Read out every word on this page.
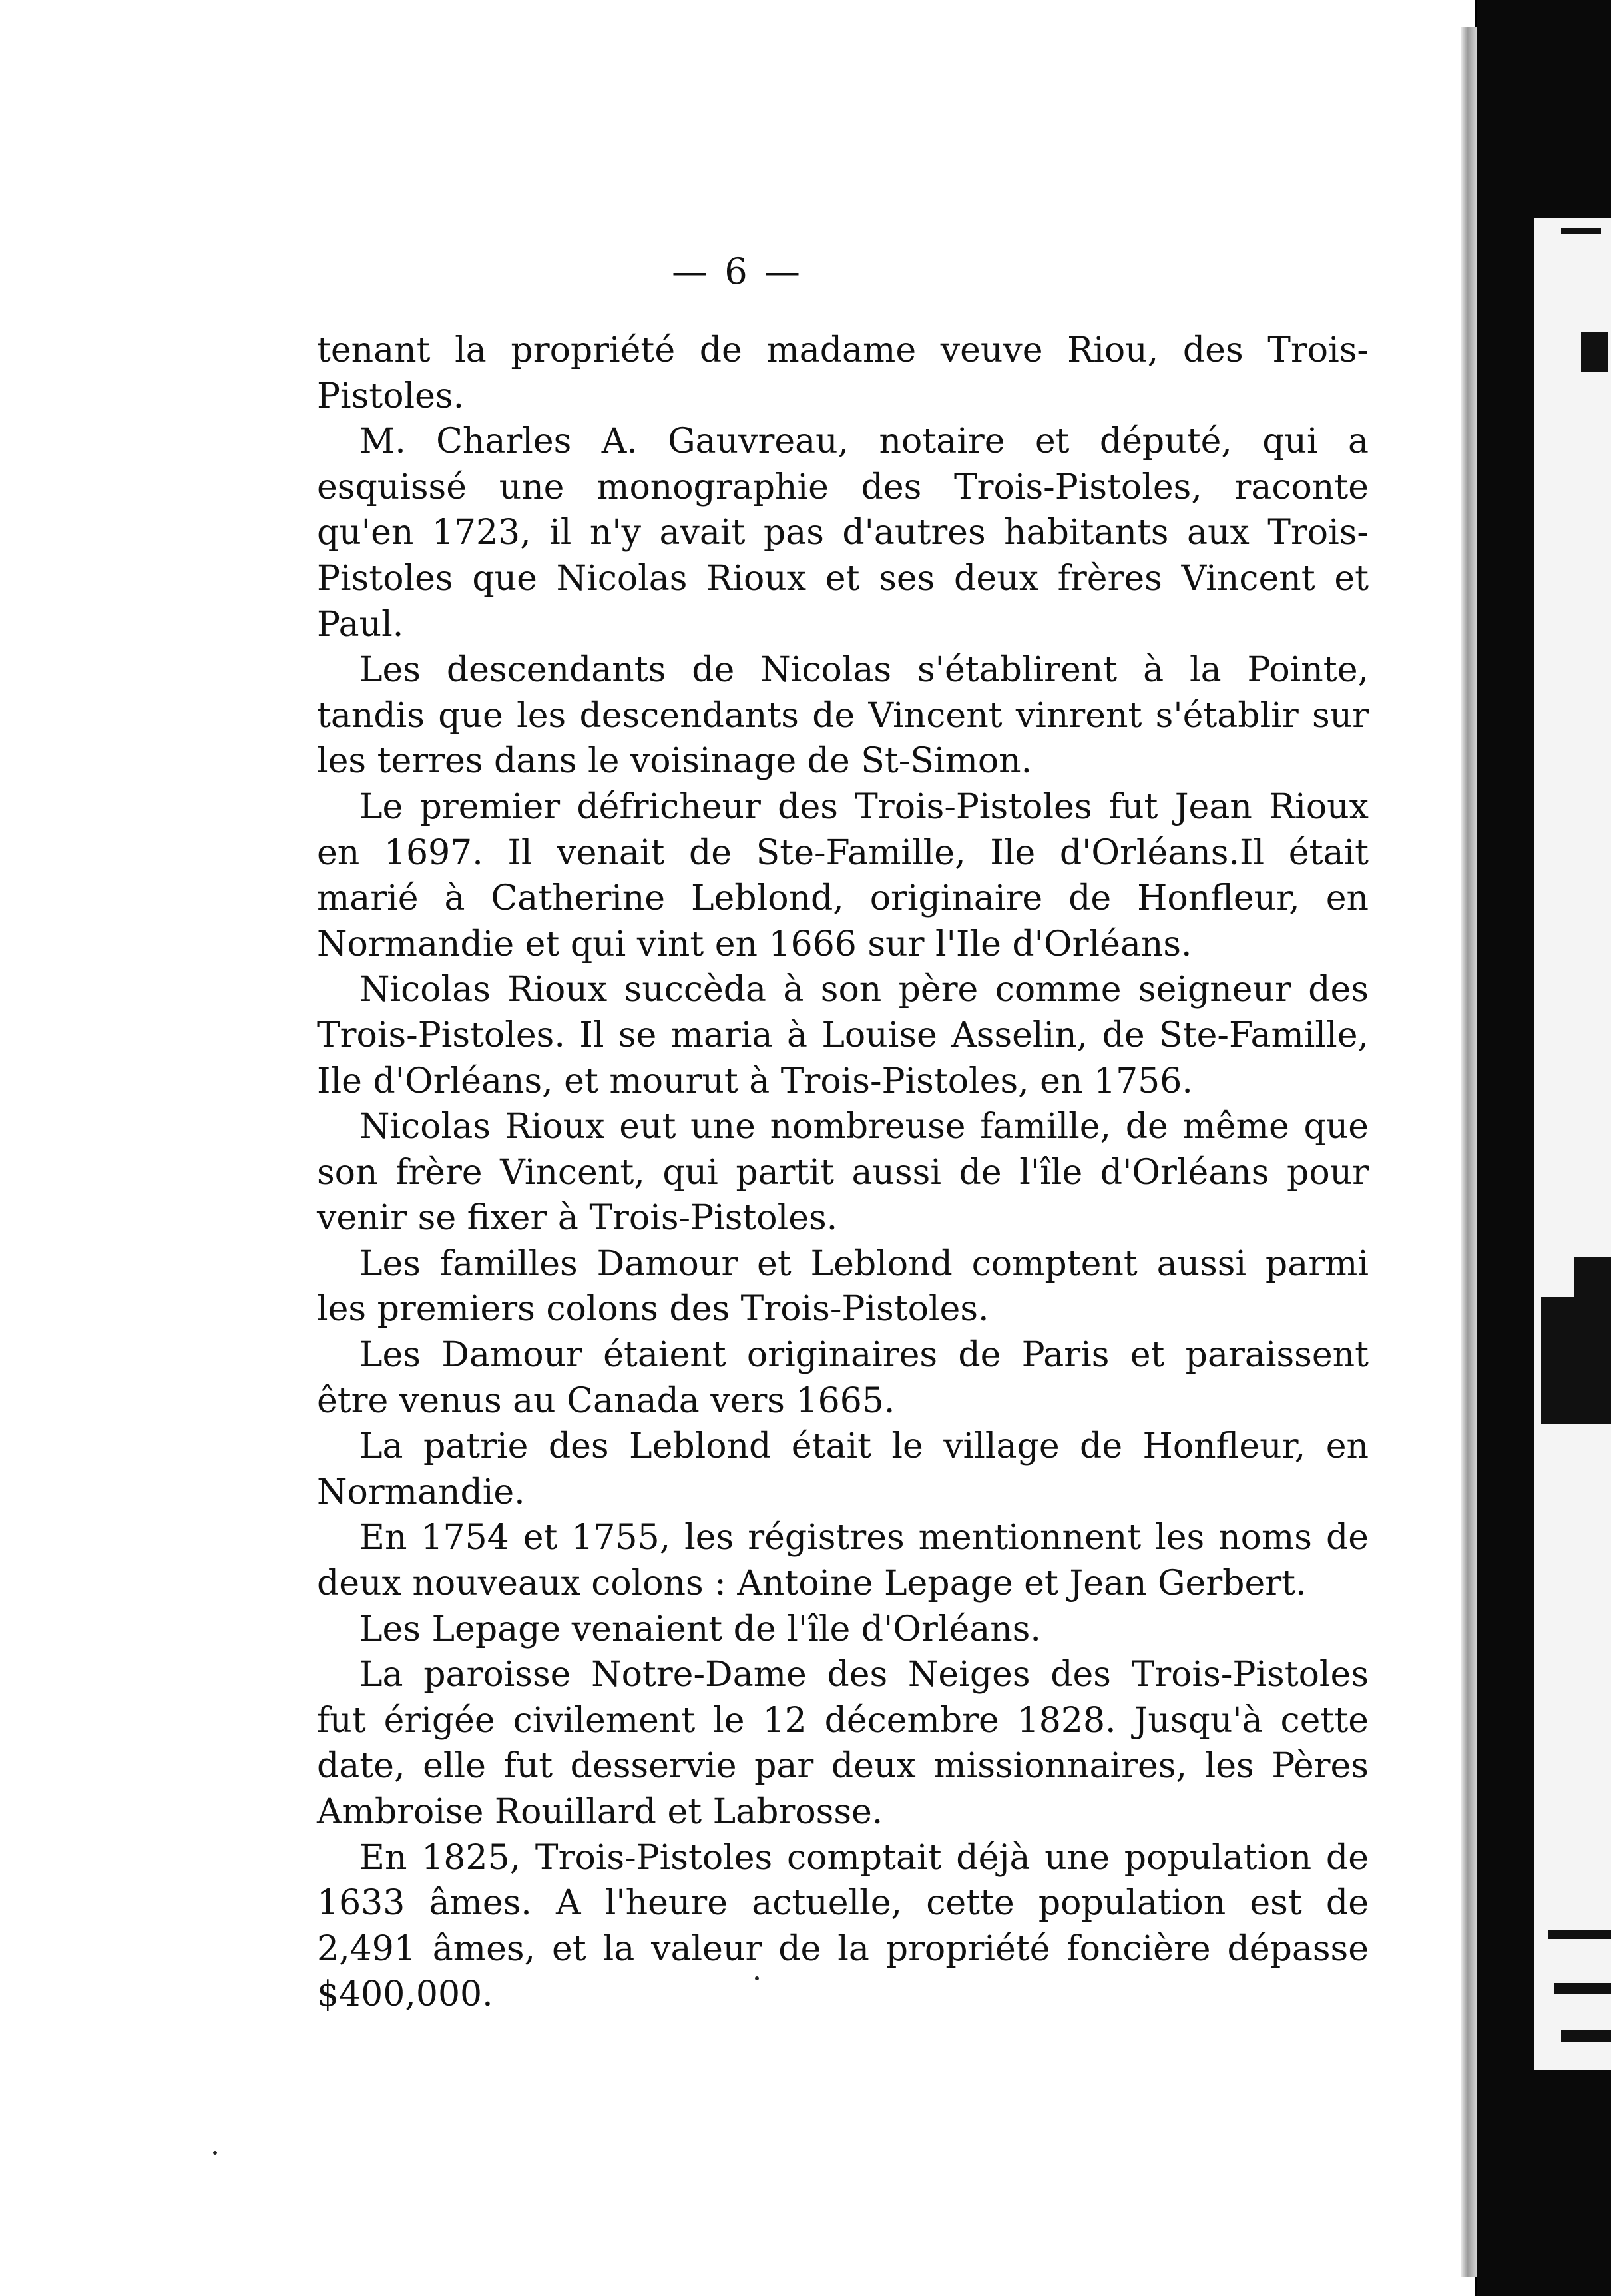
— 6 —

tenant la propriété de madame veuve Riou, des Trois-Pistoles.

M. Charles A. Gauvreau, notaire et député, qui a esquissé une monographie des Trois-Pistoles, raconte qu'en 1723, il n'y avait pas d'autres habitants aux Trois-Pistoles que Nicolas Rioux et ses deux frères Vincent et Paul.

Les descendants de Nicolas s'établirent à la Pointe, tandis que les descendants de Vincent vinrent s'établir sur les terres dans le voisinage de St-Simon.

Le premier défricheur des Trois-Pistoles fut Jean Rioux en 1697. Il venait de Ste-Famille, Ile d'Orléans.Il était marié à Catherine Leblond, originaire de Honfleur, en Normandie et qui vint en 1666 sur l'Ile d'Orléans.

Nicolas Rioux succèda à son père comme seigneur des Trois-Pistoles. Il se maria à Louise Asselin, de Ste-Famille, Ile d'Orléans, et mourut à Trois-Pistoles, en 1756.

Nicolas Rioux eut une nombreuse famille, de même que son frère Vincent, qui partit aussi de l'île d'Orléans pour venir se fixer à Trois-Pistoles.

Les familles Damour et Leblond comptent aussi parmi les premiers colons des Trois-Pistoles.

Les Damour étaient originaires de Paris et paraissent être venus au Canada vers 1665.

La patrie des Leblond était le village de Honfleur, en Normandie.

En 1754 et 1755, les régistres mentionnent les noms de deux nouveaux colons : Antoine Lepage et Jean Gerbert.

Les Lepage venaient de l'île d'Orléans.

La paroisse Notre-Dame des Neiges des Trois-Pistoles fut érigée civilement le 12 décembre 1828. Jusqu'à cette date, elle fut desservie par deux missionnaires, les Pères Ambroise Rouillard et Labrosse.

En 1825, Trois-Pistoles comptait déjà une population de 1633 âmes. A l'heure actuelle, cette population est de 2,491 âmes, et la valeur de la propriété foncière dépasse $400,000.
